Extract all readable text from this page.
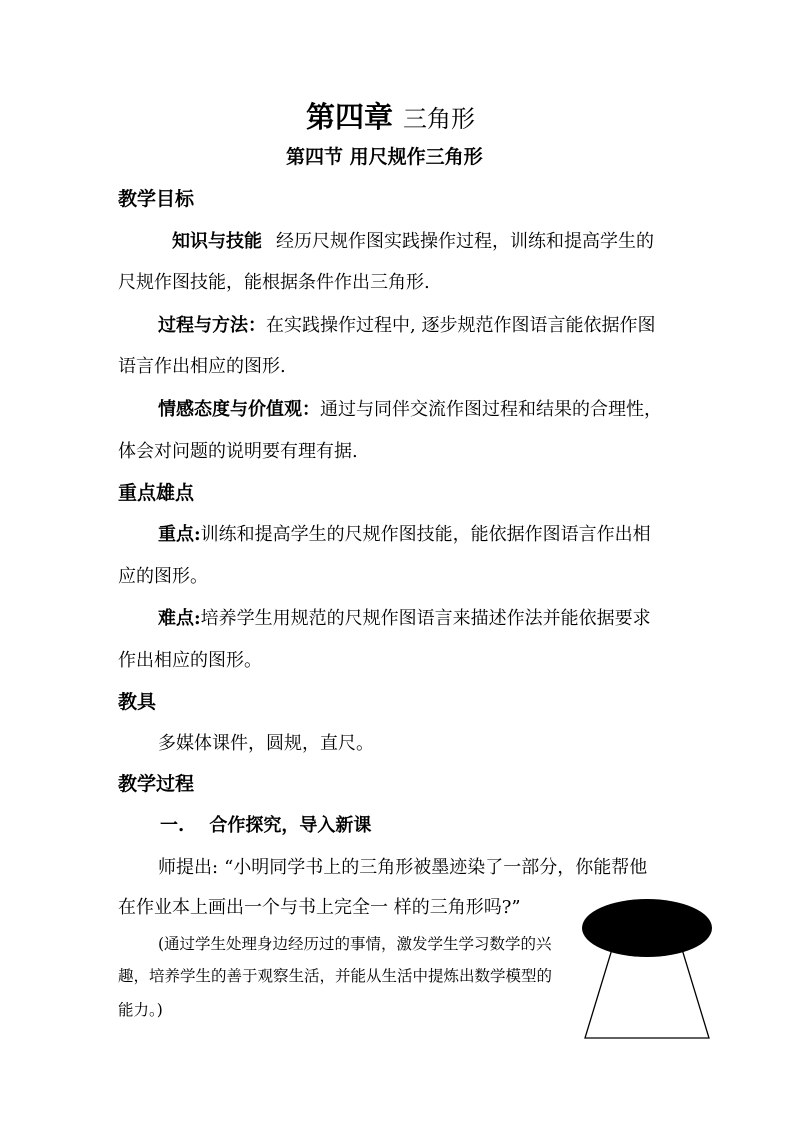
第四章 三角形
第四节 用尺规作三角形
教学目标
知识与技能 经历尺规作图实践操作过程，训练和提高学生的
尺规作图技能，能根据条件作出三角形.
过程与方法：在实践操作过程中, 逐步规范作图语言能依据作图
语言作出相应的图形.
情感态度与价值观：通过与同伴交流作图过程和结果的合理性，
体会对问题的说明要有理有据.
重点雄点
重点:训练和提高学生的尺规作图技能，能依据作图语言作出相
应的图形。
难点:培养学生用规范的尺规作图语言来描述作法并能依据要求
作出相应的图形。
教具
多媒体课件，圆规，直尺。
教学过程
一.    合作探究，导入新课
师提出: “小明同学书上的三角形被墨迹染了一部分，你能帮他
在作业本上画出一个与书上完全一 样的三角形吗?”
(通过学生处理身边经历过的事情，激发学生学习数学的兴
趣，培养学生的善于观察生活，并能从生活中提炼出数学模型的
能力。)
